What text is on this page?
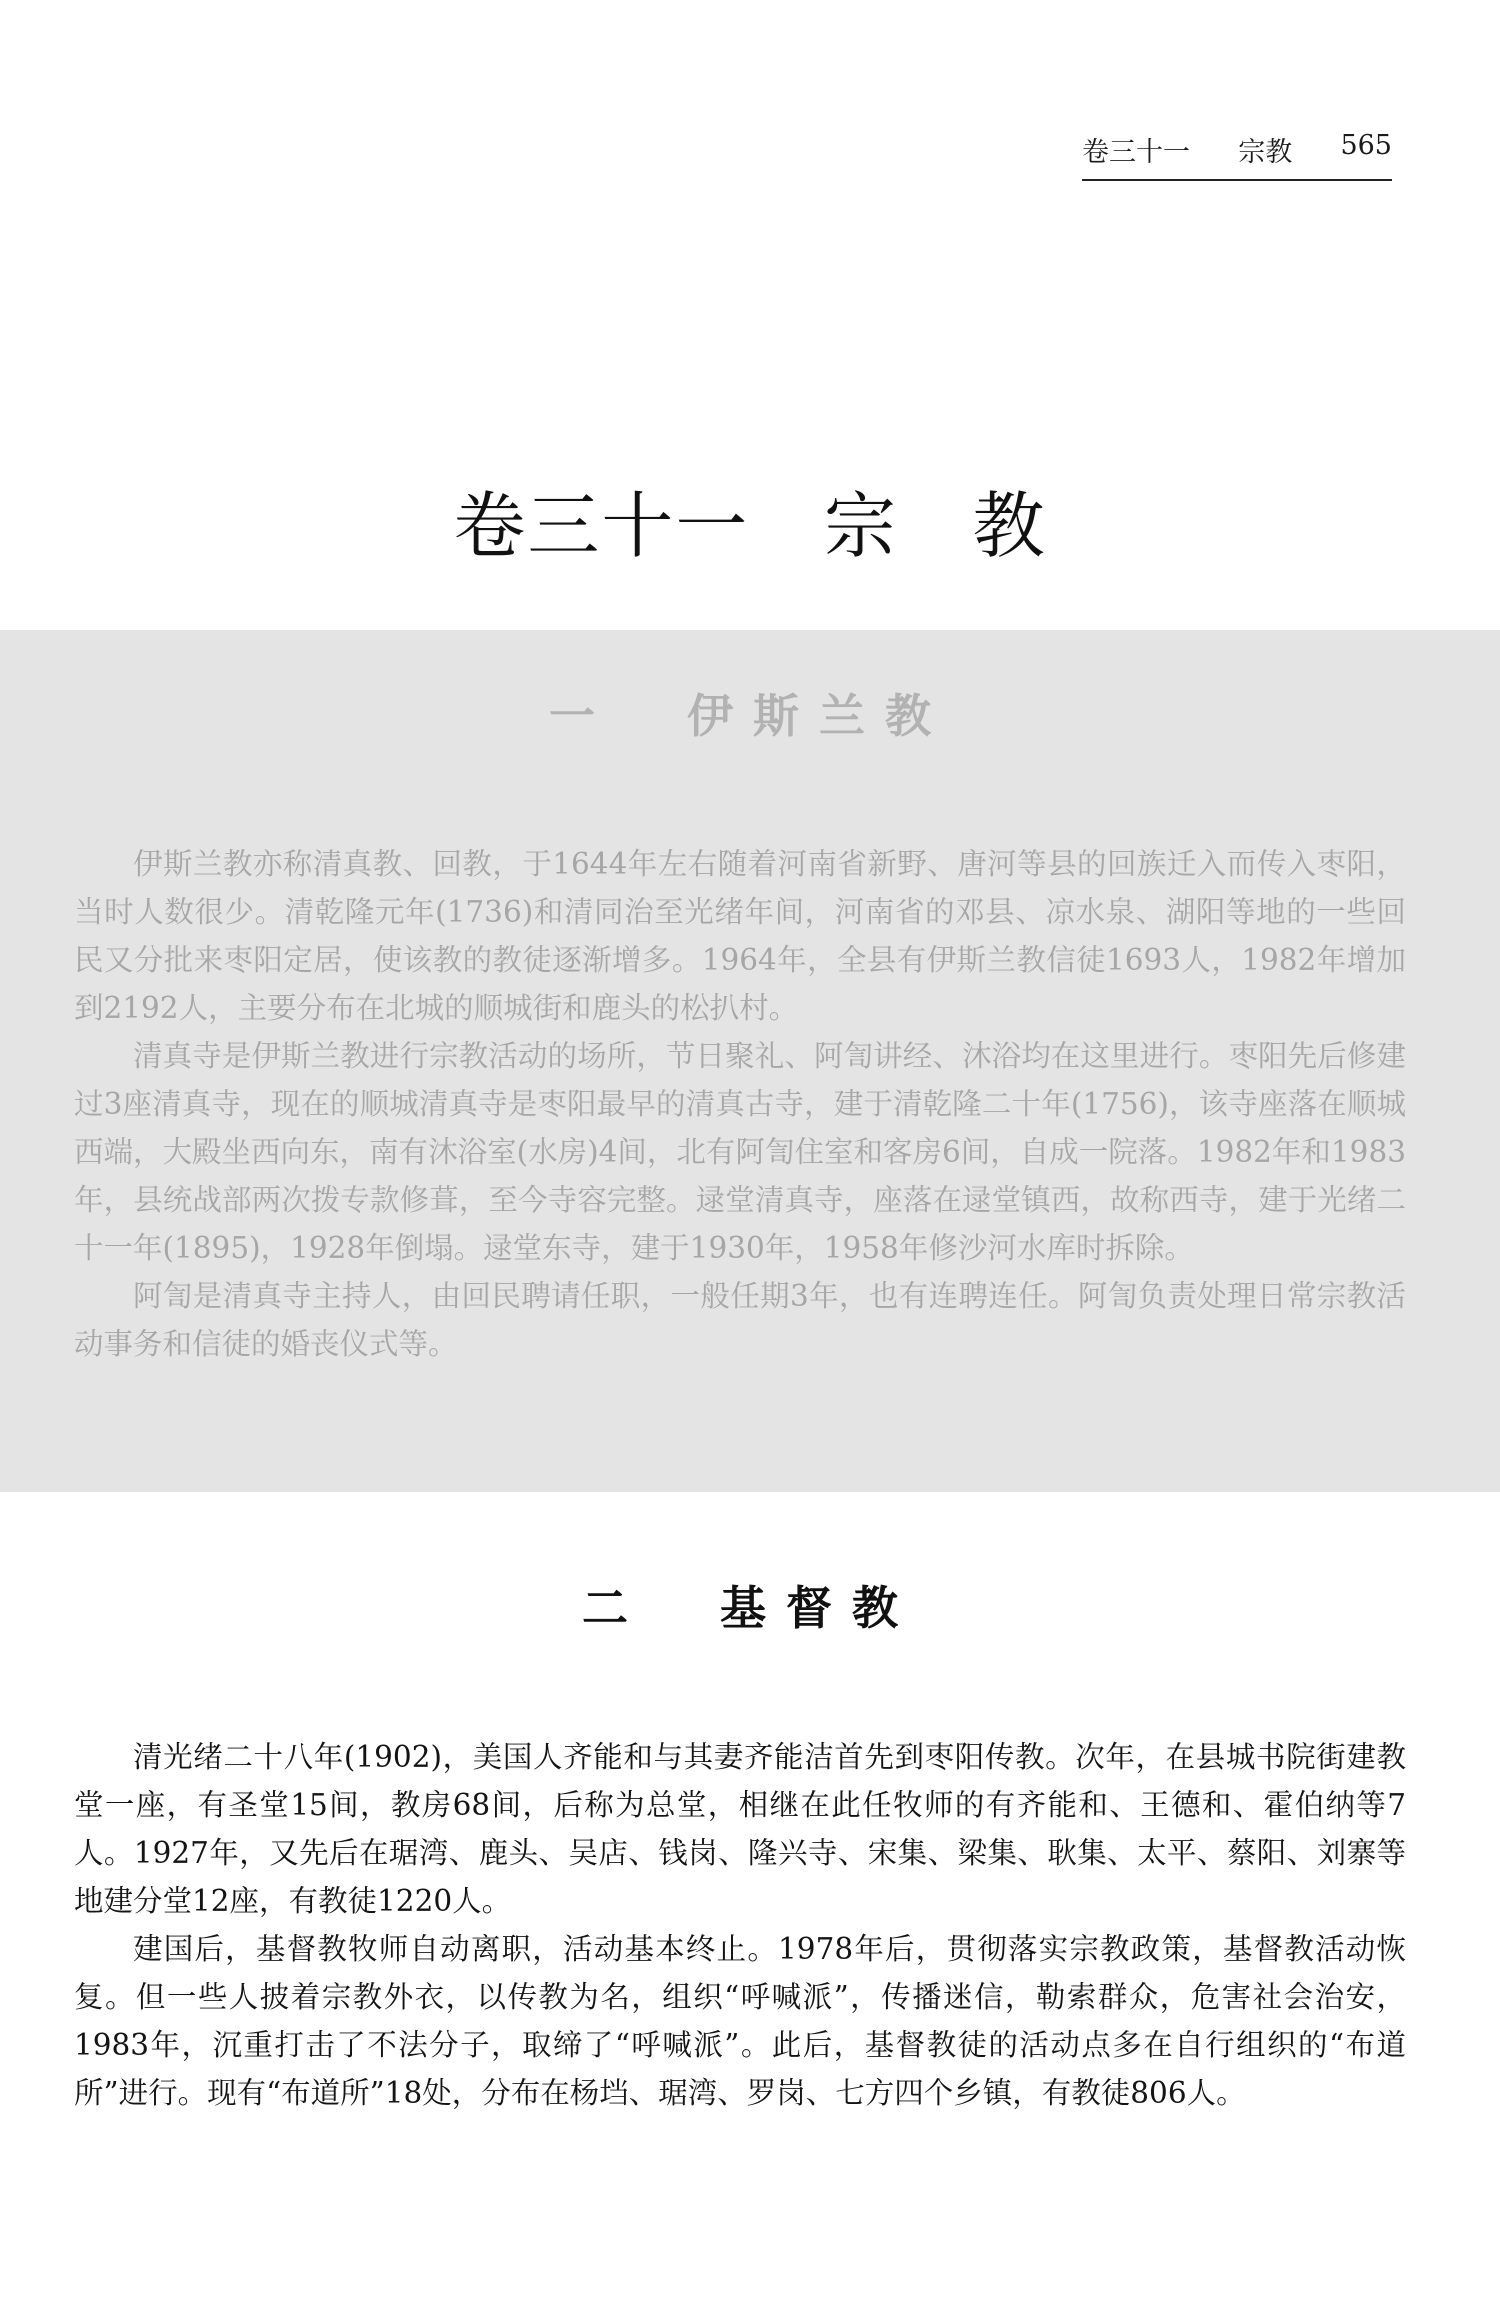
卷三十一 宗教 565
卷三十一   宗   教
一  伊斯兰教

伊斯兰教亦称清真教、回教，于1644年左右随着河南省新野、唐河等县的回族迁入而传入枣阳，当时人数很少。清乾隆元年(1736)和清同治至光绪年间，河南省的邓县、凉水泉、湖阳等地的一些回民又分批来枣阳定居，使该教的教徒逐渐增多。1964年，全县有伊斯兰教信徒1693人，1982年增加到2192人，主要分布在北城的顺城街和鹿头的松扒村。

清真寺是伊斯兰教进行宗教活动的场所，节日聚礼、阿訇讲经、沐浴均在这里进行。枣阳先后修建过3座清真寺，现在的顺城清真寺是枣阳最早的清真古寺，建于清乾隆二十年(1756)，该寺座落在顺城西端，大殿坐西向东，南有沐浴室(水房)4间，北有阿訇住室和客房6间，自成一院落。1982年和1983年，县统战部两次拨专款修葺，至今寺容完整。逯堂清真寺，座落在逯堂镇西，故称西寺，建于光绪二十一年(1895)，1928年倒塌。逯堂东寺，建于1930年，1958年修沙河水库时拆除。

阿訇是清真寺主持人，由回民聘请任职，一般任期3年，也有连聘连任。阿訇负责处理日常宗教活动事务和信徒的婚丧仪式等。

二  基督教

清光绪二十八年(1902)，美国人齐能和与其妻齐能洁首先到枣阳传教。次年，在县城书院街建教堂一座，有圣堂15间，教房68间，后称为总堂，相继在此任牧师的有齐能和、王德和、霍伯纳等7人。1927年，又先后在琚湾、鹿头、吴店、钱岗、隆兴寺、宋集、梁集、耿集、太平、蔡阳、刘寨等地建分堂12座，有教徒1220人。

建国后，基督教牧师自动离职，活动基本终止。1978年后，贯彻落实宗教政策，基督教活动恢复。但一些人披着宗教外衣，以传教为名，组织“呼喊派”，传播迷信，勒索群众，危害社会治安，1983年，沉重打击了不法分子，取缔了“呼喊派”。此后，基督教徒的活动点多在自行组织的“布道所”进行。现有“布道所”18处，分布在杨垱、琚湾、罗岗、七方四个乡镇，有教徒806人。
